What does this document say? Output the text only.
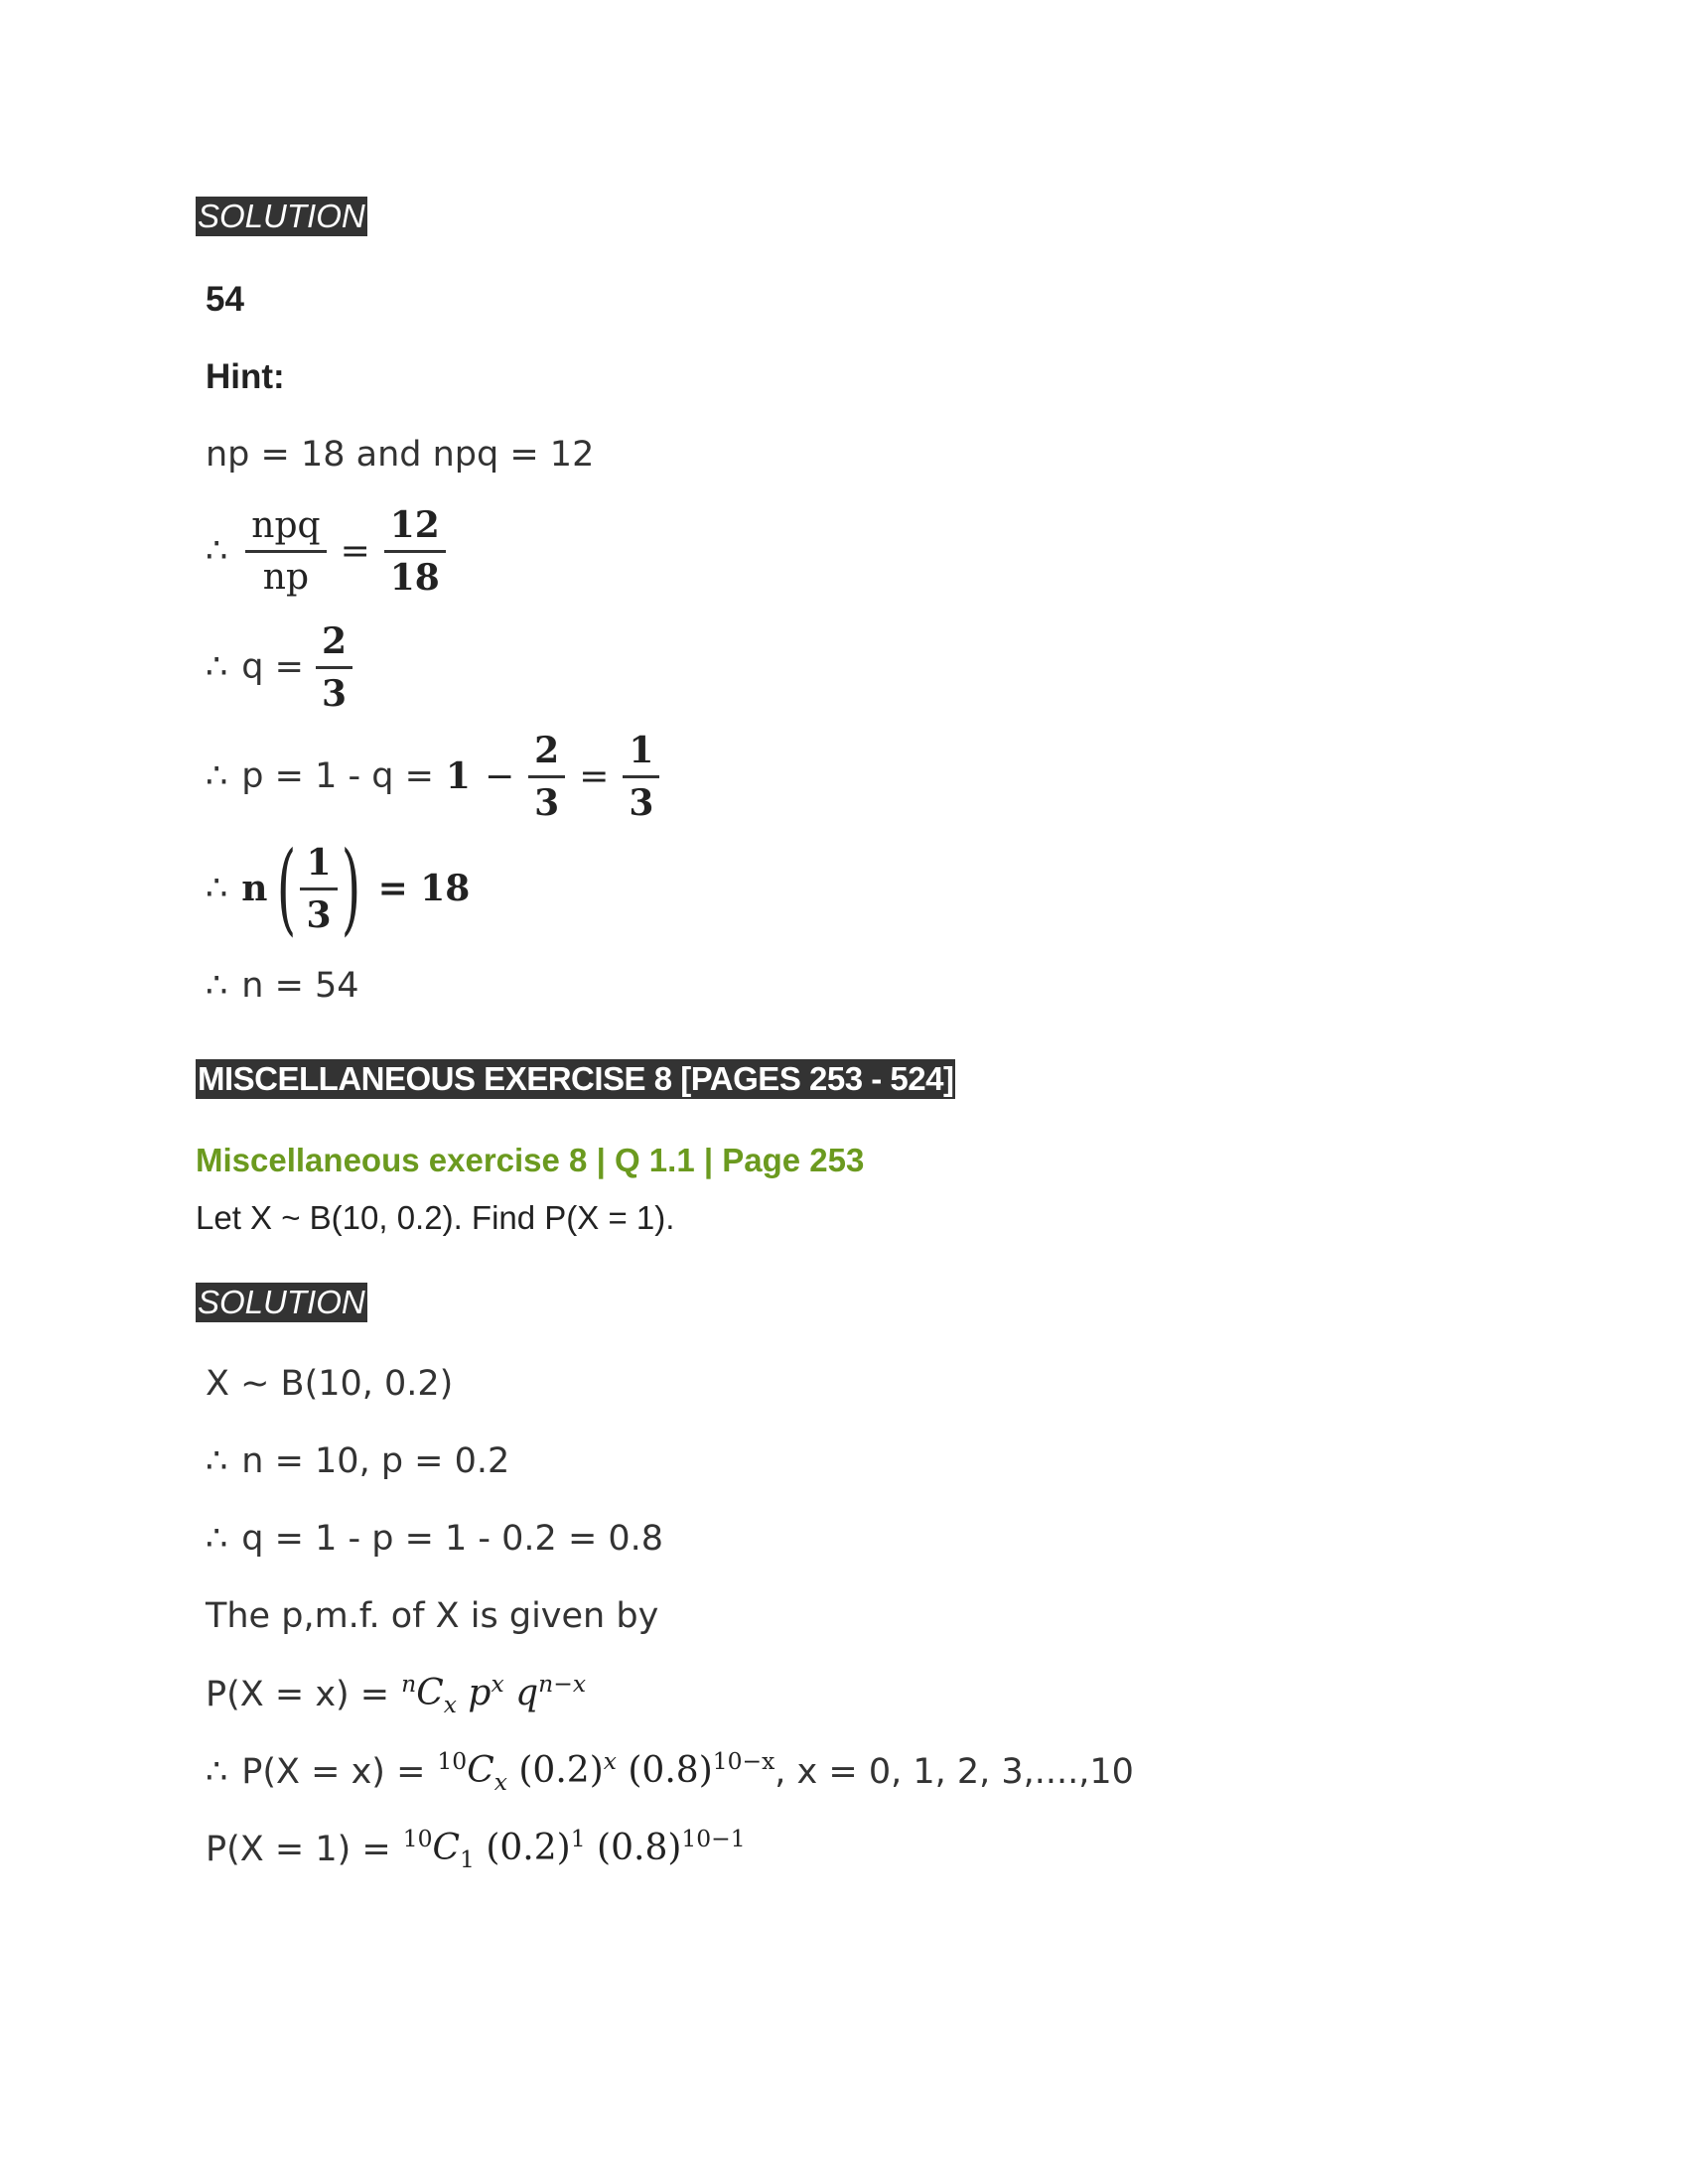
SOLUTION
54
Hint:
np = 18 and npq = 12
∴ $\frac{\text{npq}}{np} = \frac{12}{18}$
∴ $q = \frac{2}{3}$
∴ $p = 1 - q = 1 - \frac{2}{3} = \frac{1}{3}$
∴ n ( $\frac{1}{3}$ ) = 18
∴ n = 54
MISCELLANEOUS EXERCISE 8 [PAGES 253 - 524]
Miscellaneous exercise 8 | Q 1.1 | Page 253
Let X ~ B(10, 0.2). Find P(X = 1).
SOLUTION
X ~ B(10, 0.2)
∴ n = 10, p = 0.2
∴ q = 1 - p = 1 - 0.2 = 0.8
The p,m.f. of X is given by
$P(X = x) = ^nC_x$ $p^x$ $q^{n-x}$
∴ $P(X = x) = ^{10}C_x$ $(0.2)^x$ $(0.8)^{10-x}$ , x = 0, 1, 2, 3,....,10
$P(X = 1) = ^{10}C_1$ $(0.2)^1$ $(0.8)^{10-1}$
